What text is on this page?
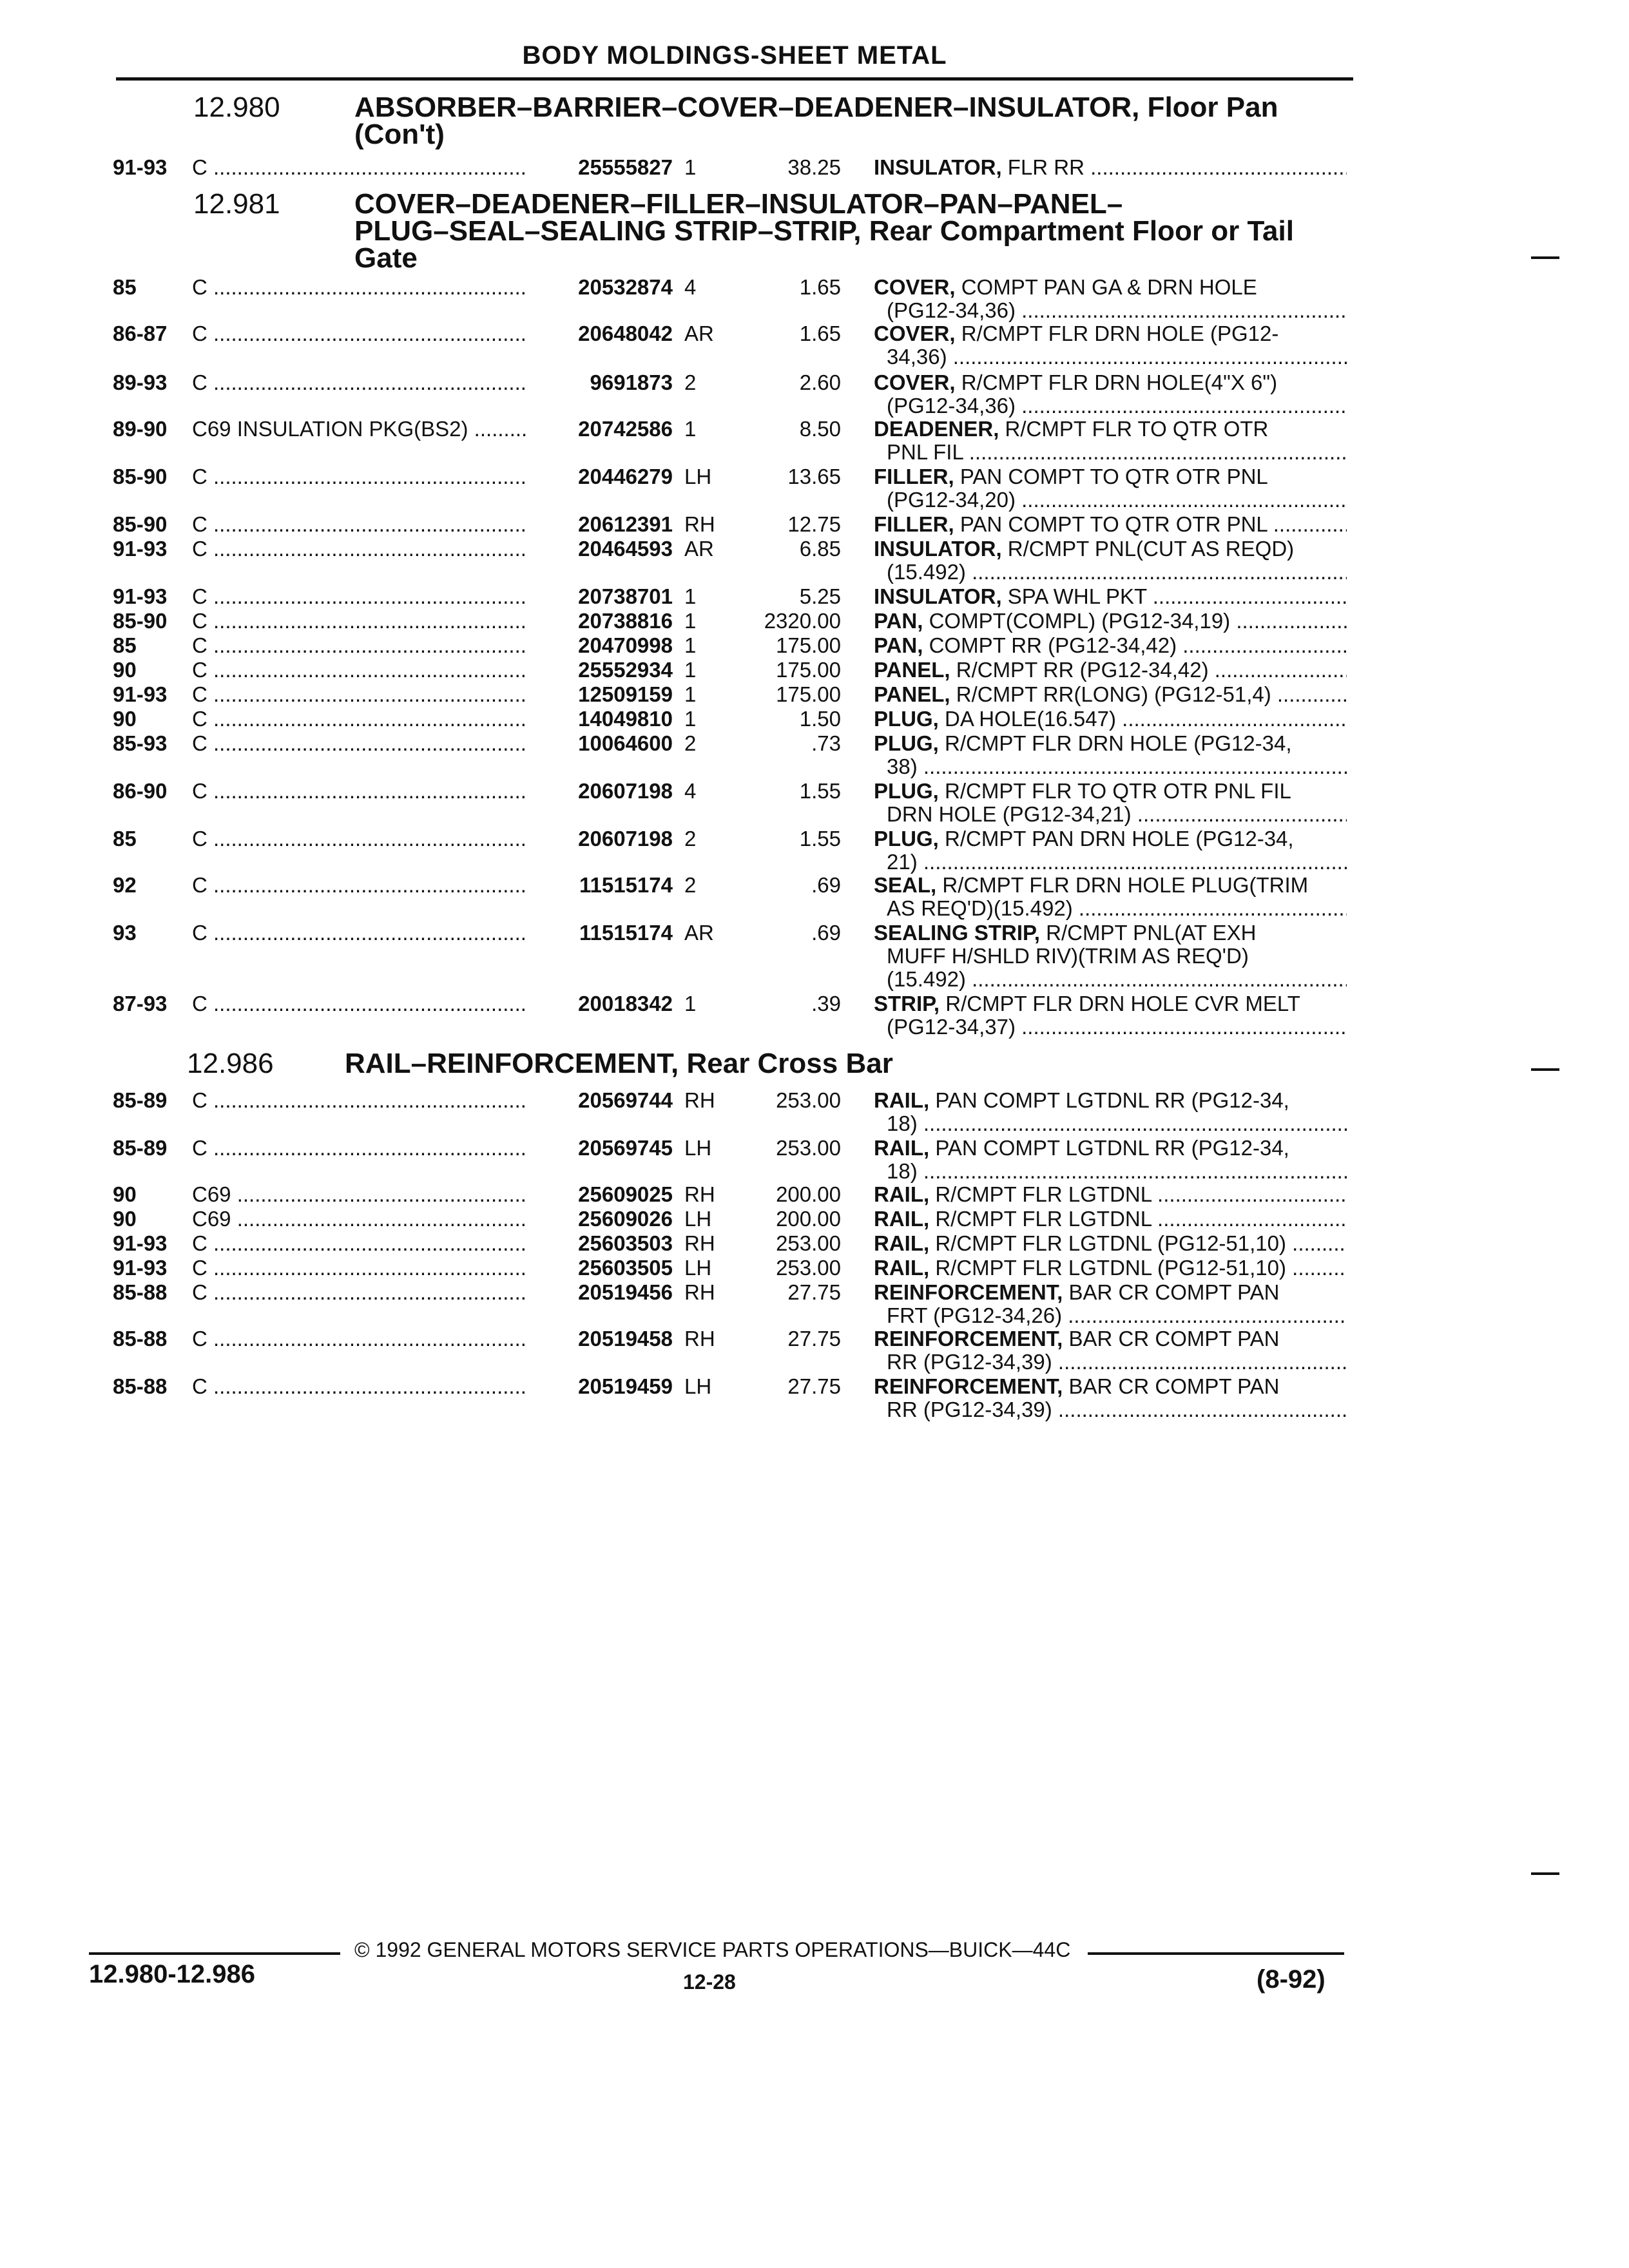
BODY MOLDINGS-SHEET METAL
12.980	ABSORBER–BARRIER–COVER–DEADENER–INSULATOR, Floor Pan
(Con't)
12.981	COVER–DEADENER–FILLER–INSULATOR–PAN–PANEL–
PLUG–SEAL–SEALING STRIP–STRIP, Rear Compartment Floor or Tail
Gate
12.986	RAIL–REINFORCEMENT, Rear Cross Bar
91-93 C .....	25555827 1	38.25 INSULATOR, FLR RR .....
85	C .....	20532874 4	1.65 COVER, COMPT PAN GA & DRN HOLE
(PG12-34,36) .....
86-87 C .....	20648042 AR	1.65 COVER, R/CMPT FLR DRN HOLE (PG12-
34,36) .....
89-93 C .....	9691873 2	2.60 COVER, R/CMPT FLR DRN HOLE(4"X 6")
(PG12-34,36) .....
89-90 C69 INSULATION PKG(BS2) .....	20742586 1	8.50 DEADENER, R/CMPT FLR TO QTR OTR
PNL FIL .....
85-90 C .....	20446279 LH	13.65 FILLER, PAN COMPT TO QTR OTR PNL
(PG12-34,20) .....
85-90 C .....	20612391 RH	12.75 FILLER, PAN COMPT TO QTR OTR PNL .....
91-93 C .....	20464593 AR	6.85 INSULATOR, R/CMPT PNL(CUT AS REQD)
(15.492) .....
91-93 C .....	20738701 1	5.25 INSULATOR, SPA WHL PKT .....
85-90 C .....	20738816 1	2320.00 PAN, COMPT(COMPL) (PG12-34,19) .....
85	C .....	20470998 1	175.00 PAN, COMPT RR (PG12-34,42) .....
90	C .....	25552934 1	175.00 PANEL, R/CMPT RR (PG12-34,42) .....
91-93 C .....	12509159 1	175.00 PANEL, R/CMPT RR(LONG) (PG12-51,4) .....
90	C .....	14049810 1	1.50 PLUG, DA HOLE(16.547) .....
85-93 C .....	10064600 2	.73 PLUG, R/CMPT FLR DRN HOLE (PG12-34,
38) .....
86-90 C .....	20607198 4	1.55 PLUG, R/CMPT FLR TO QTR OTR PNL FIL
DRN HOLE (PG12-34,21) .....
85	C .....	20607198 2	1.55 PLUG, R/CMPT PAN DRN HOLE (PG12-34,
21) .....
92	C .....	11515174 2	.69 SEAL, R/CMPT FLR DRN HOLE PLUG(TRIM
AS REQ'D)(15.492) .....
93	C .....	11515174 AR	.69 SEALING STRIP, R/CMPT PNL(AT EXH
MUFF H/SHLD RIV)(TRIM AS REQ'D)
(15.492) .....
87-93 C .....	20018342 1	.39 STRIP, R/CMPT FLR DRN HOLE CVR MELT
(PG12-34,37) .....
85-89 C .....	20569744 RH	253.00 RAIL, PAN COMPT LGTDNL RR (PG12-34,
18) .....
85-89 C .....	20569745 LH	253.00 RAIL, PAN COMPT LGTDNL RR (PG12-34,
18) .....
90	C69 .....	25609025 RH	200.00 RAIL, R/CMPT FLR LGTDNL .....
90	C69 .....	25609026 LH	200.00 RAIL, R/CMPT FLR LGTDNL .....
91-93 C .....	25603503 RH	253.00 RAIL, R/CMPT FLR LGTDNL (PG12-51,10) .....
91-93 C .....	25603505 LH	253.00 RAIL, R/CMPT FLR LGTDNL (PG12-51,10) .....
85-88 C .....	20519456 RH	27.75 REINFORCEMENT, BAR CR COMPT PAN
FRT (PG12-34,26) .....
85-88 C .....	20519458 RH	27.75 REINFORCEMENT, BAR CR COMPT PAN
RR (PG12-34,39) .....
85-88 C .....	20519459 LH	27.75 REINFORCEMENT, BAR CR COMPT PAN
RR (PG12-34,39) .....
© 1992 GENERAL MOTORS SERVICE PARTS OPERATIONS—BUICK—44C
12.980-12.986	12-28	(8-92)
